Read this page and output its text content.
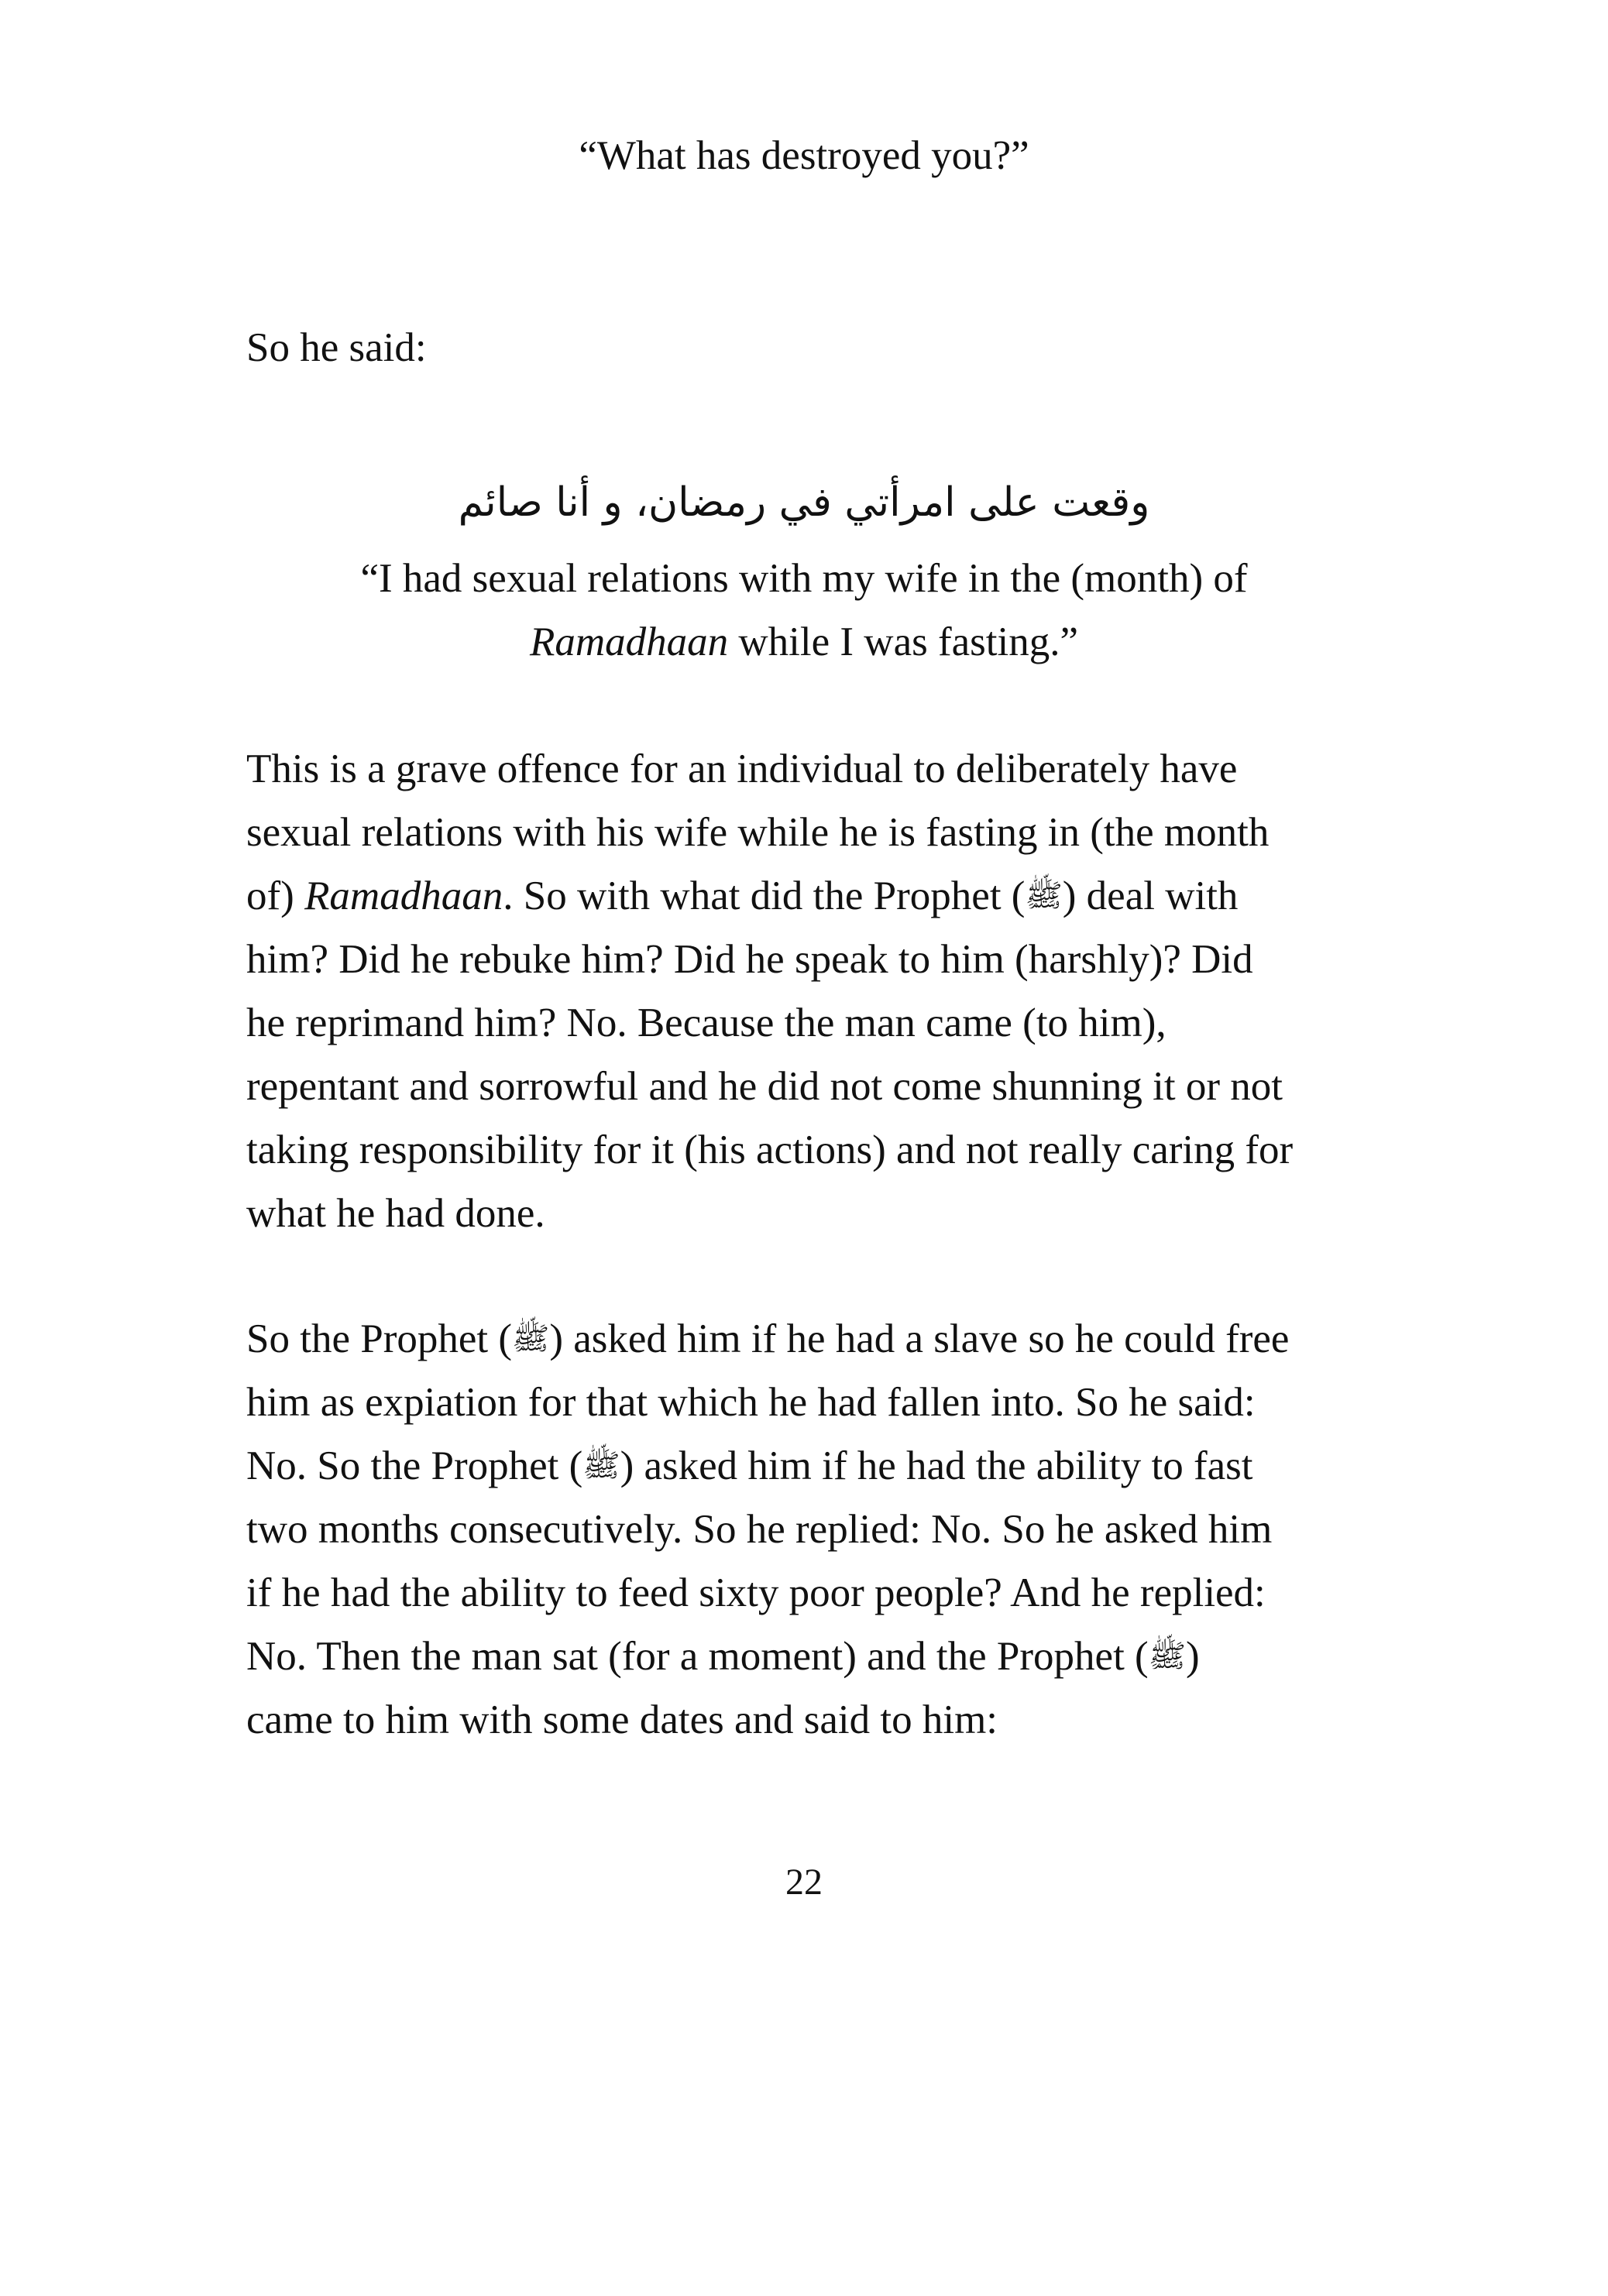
“What has destroyed you?”
So he said:
وقعت على امرأتي في رمضان، و أنا صائم
“I had sexual relations with my wife in the (month) of
Ramadhaan while I was fasting.”
This is a grave offence for an individual to deliberately have
sexual relations with his wife while he is fasting in (the month
of) Ramadhaan. So with what did the Prophet (ﷺ) deal with
him? Did he rebuke him? Did he speak to him (harshly)? Did
he reprimand him? No. Because the man came (to him),
repentant and sorrowful and he did not come shunning it or not
taking responsibility for it (his actions) and not really caring for
what he had done.
So the Prophet (ﷺ) asked him if he had a slave so he could free
him as expiation for that which he had fallen into. So he said:
No. So the Prophet (ﷺ) asked him if he had the ability to fast
two months consecutively. So he replied: No. So he asked him
if he had the ability to feed sixty poor people? And he replied:
No. Then the man sat (for a moment) and the Prophet (ﷺ)
came to him with some dates and said to him:
22
